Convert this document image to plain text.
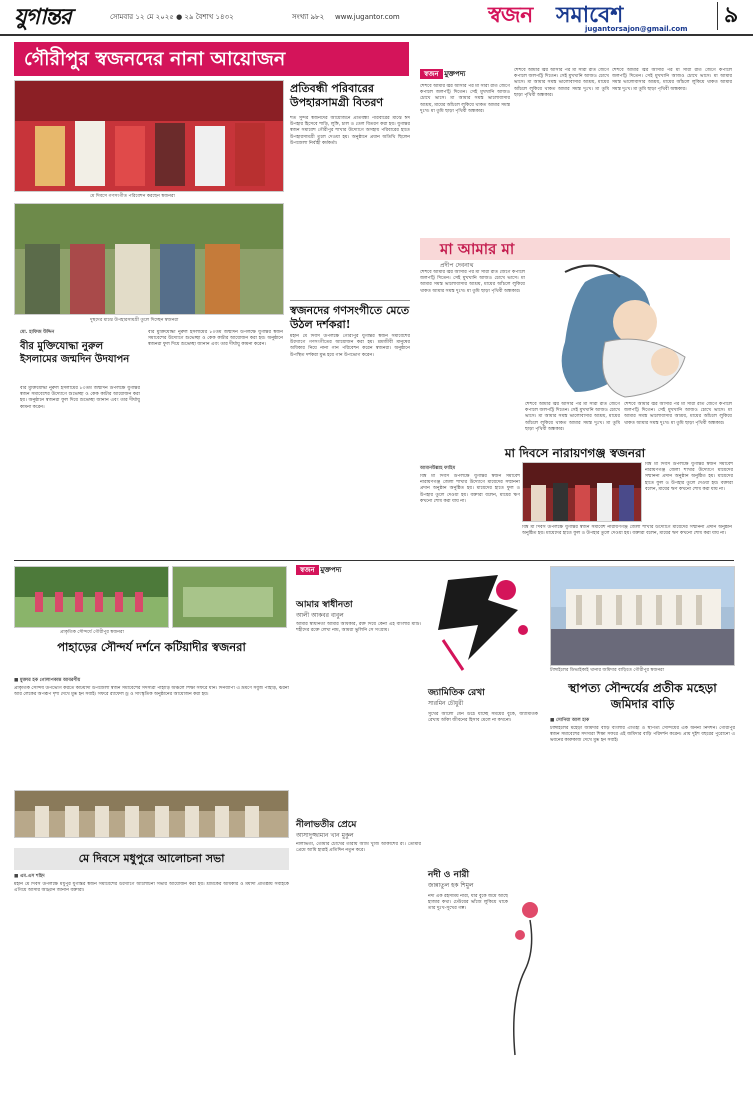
যুগান্তর	সোমবার ১২ মে ২০২৫ ● ২৯ বৈশাখ ১৪৩২	সংখ্যা ৯৮২ www.jugantor.com	স্বজন সমাবেশ
jugantorsajon@gmail.com
৯
গৌরীপুর স্বজনদের নানা আয়োজন
মে দিবসে গণসংগীত পরিবেশন করছেন স্বজনরা
প্রতিবন্ধী পরিবারের উপহারসামগ্রী বিতরণ
শত সুন্দর স্বজনদের আয়োজনে প্রতিবন্ধী পরিবারের মাঝে ঈদ উপহার হিসেবে শাড়ি, লুঙ্গি, চাল ও তেল বিতরণ করা হয়। যুগান্তর স্বজন সমাবেশ গৌরীপুর শাখার উদ্যোগে অসহায় পরিবারের হাতে উপহারসামগ্রী তুলে দেওয়া হয়। অনুষ্ঠানে প্রধান অতিথি ছিলেন উপজেলা নির্বাহী কর্মকর্তা।
দুস্থদের মাঝে উপহারসামগ্রী তুলে দিচ্ছেন স্বজনরা
স্বজনদের গণসংগীতে মেতে উঠল দর্শকরা!
মহান মে দিবস উপলক্ষে গৌরীপুর যুগান্তর স্বজন সমাবেশের উদ্যোগে গণসংগীতের আয়োজন করা হয়। শ্রমজীবী মানুষের অধিকার নিয়ে নানা গান পরিবেশন করেন স্বজনরা। অনুষ্ঠানে উপস্থিত দর্শকরা মুগ্ধ হয়ে গান উপভোগ করেন।
মো. হাফিজ উদ্দিন
বীর মুক্তিযোদ্ধা নুরুল ইসলামের জন্মদিন উদযাপন
বীর মুক্তিযোদ্ধা নুরুল ইসলামের ৮০তম জন্মদিন উপলক্ষে যুগান্তর স্বজন সমাবেশের উদ্যোগে শুভেচ্ছা ও কেক কাটার আয়োজন করা হয়। অনুষ্ঠানে স্বজনরা ফুল দিয়ে শুভেচ্ছা জানান এবং তার দীর্ঘায়ু কামনা করেন।
বীর মুক্তিযোদ্ধা নুরুল ইসলামের ৮০তম জন্মদিন উপলক্ষে যুগান্তর স্বজন সমাবেশের উদ্যোগে শুভেচ্ছা ও কেক কাটার আয়োজন করা হয়। অনুষ্ঠানে স্বজনরা ফুল দিয়ে শুভেচ্ছা জানান এবং তার দীর্ঘায়ু কামনা করেন।
স্বজন মুক্তপদ্য
শৈশবে আমার জ্বর আসার পর মা সারা রাত জেগে কপালে জলপট্টি দিতেন। সেই মুখখানি আজও চোখে ভাসে। মা আমার সমস্ত ভালোবাসার আশ্রয়, মায়ের আঁচলে লুকিয়ে থাকত আমার সমস্ত দুঃখ। মা তুমি ছাড়া পৃথিবী অন্ধকার।
শৈশবে আমার জ্বর আসার পর মা সারা রাত জেগে কপালে জলপট্টি দিতেন। সেই মুখখানি আজও চোখে ভাসে। মা আমার সমস্ত ভালোবাসার আশ্রয়, মায়ের আঁচলে লুকিয়ে থাকত আমার সমস্ত দুঃখ। মা তুমি ছাড়া পৃথিবী অন্ধকার।
শৈশবে আমার জ্বর আসার পর মা সারা রাত জেগে কপালে জলপট্টি দিতেন। সেই মুখখানি আজও চোখে ভাসে। মা আমার সমস্ত ভালোবাসার আশ্রয়, মায়ের আঁচলে লুকিয়ে থাকত আমার সমস্ত দুঃখ। মা তুমি ছাড়া পৃথিবী অন্ধকার।
মা আমার মা
প্রদীপ দেবনাথ
শৈশবে আমার জ্বর আসার পর মা সারা রাত জেগে কপালে জলপট্টি দিতেন। সেই মুখখানি আজও চোখে ভাসে। মা আমার সমস্ত ভালোবাসার আশ্রয়, মায়ের আঁচলে লুকিয়ে থাকত আমার সমস্ত দুঃখ। মা তুমি ছাড়া পৃথিবী অন্ধকার।
শৈশবে আমার জ্বর আসার পর মা সারা রাত জেগে কপালে জলপট্টি দিতেন। সেই মুখখানি আজও চোখে ভাসে। মা আমার সমস্ত ভালোবাসার আশ্রয়, মায়ের আঁচলে লুকিয়ে থাকত আমার সমস্ত দুঃখ। মা তুমি ছাড়া পৃথিবী অন্ধকার।
শৈশবে আমার জ্বর আসার পর মা সারা রাত জেগে কপালে জলপট্টি দিতেন। সেই মুখখানি আজও চোখে ভাসে। মা আমার সমস্ত ভালোবাসার আশ্রয়, মায়ের আঁচলে লুকিয়ে থাকত আমার সমস্ত দুঃখ। মা তুমি ছাড়া পৃথিবী অন্ধকার।
মা দিবসে নারায়ণগঞ্জ স্বজনরা
আমানউল্লাহ ফাহিম
বিশ্ব মা দিবস উপলক্ষে যুগান্তর স্বজন সমাবেশ নারায়ণগঞ্জ জেলা শাখার উদ্যোগে মায়েদের সম্মাননা প্রদান অনুষ্ঠান অনুষ্ঠিত হয়। মায়েদের হাতে ফুল ও উপহার তুলে দেওয়া হয়। বক্তারা বলেন, মায়ের ঋণ কখনো শোধ করা যায় না।
বিশ্ব মা দিবস উপলক্ষে যুগান্তর স্বজন সমাবেশ নারায়ণগঞ্জ জেলা শাখার উদ্যোগে মায়েদের সম্মাননা প্রদান অনুষ্ঠান অনুষ্ঠিত হয়। মায়েদের হাতে ফুল ও উপহার তুলে দেওয়া হয়। বক্তারা বলেন, মায়ের ঋণ কখনো শোধ করা যায় না।
বিশ্ব মা দিবস উপলক্ষে যুগান্তর স্বজন সমাবেশ নারায়ণগঞ্জ জেলা শাখার উদ্যোগে মায়েদের সম্মাননা প্রদান অনুষ্ঠান অনুষ্ঠিত হয়। মায়েদের হাতে ফুল ও উপহার তুলে দেওয়া হয়। বক্তারা বলেন, মায়ের ঋণ কখনো শোধ করা যায় না।
প্রাকৃতিক সৌন্দর্যে গৌরীপুর স্বজনরা
পাহাড়ের সৌন্দর্য দর্শনে কটিয়াদীর স্বজনরা
■ মুক্তার হক গোলাপকান্ত আবরণীয়
প্রাকৃতিক সৌন্দর্য উপভোগ করতে কটিয়াদী উপজেলা স্বজন সমাবেশের সদস্যরা পাহাড়ি অঞ্চলে শিক্ষা সফরে যান। দিনব্যাপী এ ভ্রমণে সবুজ পাহাড়, ঝরনা আর লেকের অপরূপ দৃশ্য দেখে মুগ্ধ হন সবাই। সফরে র‌্যাফেল ড্র ও সাংস্কৃতিক অনুষ্ঠানের আয়োজন করা হয়।
মে দিবসে মধুপুরে আলোচনা সভা
■ এম.এস শহিদ
মহান মে দিবস উপলক্ষে মধুপুর যুগান্তর স্বজন সমাবেশের উদ্যোগে আলোচনা সভার আয়োজন করা হয়। শ্রমিকের অধিকার ও মর্যাদা প্রতিষ্ঠায় সবাইকে এগিয়ে আসার আহ্বান জানান বক্তারা।
স্বজন মুক্তপদ্য
আমার স্বাধীনতা
আলী আকবর বাবুল
আমার স্বাধীনতা আমার অধিকার, রক্ত দিয়ে কেনা এই বাংলার মাটি। শহীদের রক্তে লেখা নাম, আমরা ভুলিনি সে সংগ্রাম।
নীলাভতীর প্রেমে
আসাদুজ্জামান খান মুকুল
নীলাভতী, তোমার চোখের তারায় আমি খুঁজি আকাশের রং। তোমার প্রেমে আমি হারাই প্রতিদিন নতুন করে।
জ্যামিতিক রেখা
সারমিন চৌধুরী
সুখের আলো যেন উঠে যাচ্ছে সময়ের বুকে, জ্যামিতিক রেখায় আঁকা জীবনের হিসাব মেলে না কখনো।
নদী ও নারী
জান্নাতুল হক শিমুল
নদী এক রহস্যময় নারী, যার বুকে জমে আছে হাজার কথা। ঢেউয়ের ভাঁজে লুকিয়ে থাকে তার দুঃখ-সুখের গল্প।
টাঙ্গাইলের ডিভাইকাই থানার জমিদার বাড়িতে গৌরীপুর স্বজনরা
স্থাপত্য সৌন্দর্যের প্রতীক মহেড়া জমিদার বাড়ি
■ সোনিয়া আল হাক
টাঙ্গাইলের মহেড়া জমিদার বাড়ি বাংলার ঐতিহ্য ও স্থাপত্য সৌন্দর্যের এক অনন্য নিদর্শন। গৌরীপুর স্বজন সমাবেশের সদস্যরা শিক্ষা সফরে এই জমিদার বাড়ি পরিদর্শন করেন। প্রায় দুইশ বছরের পুরোনো এ ভবনের কারুকাজ দেখে মুগ্ধ হন সবাই।
